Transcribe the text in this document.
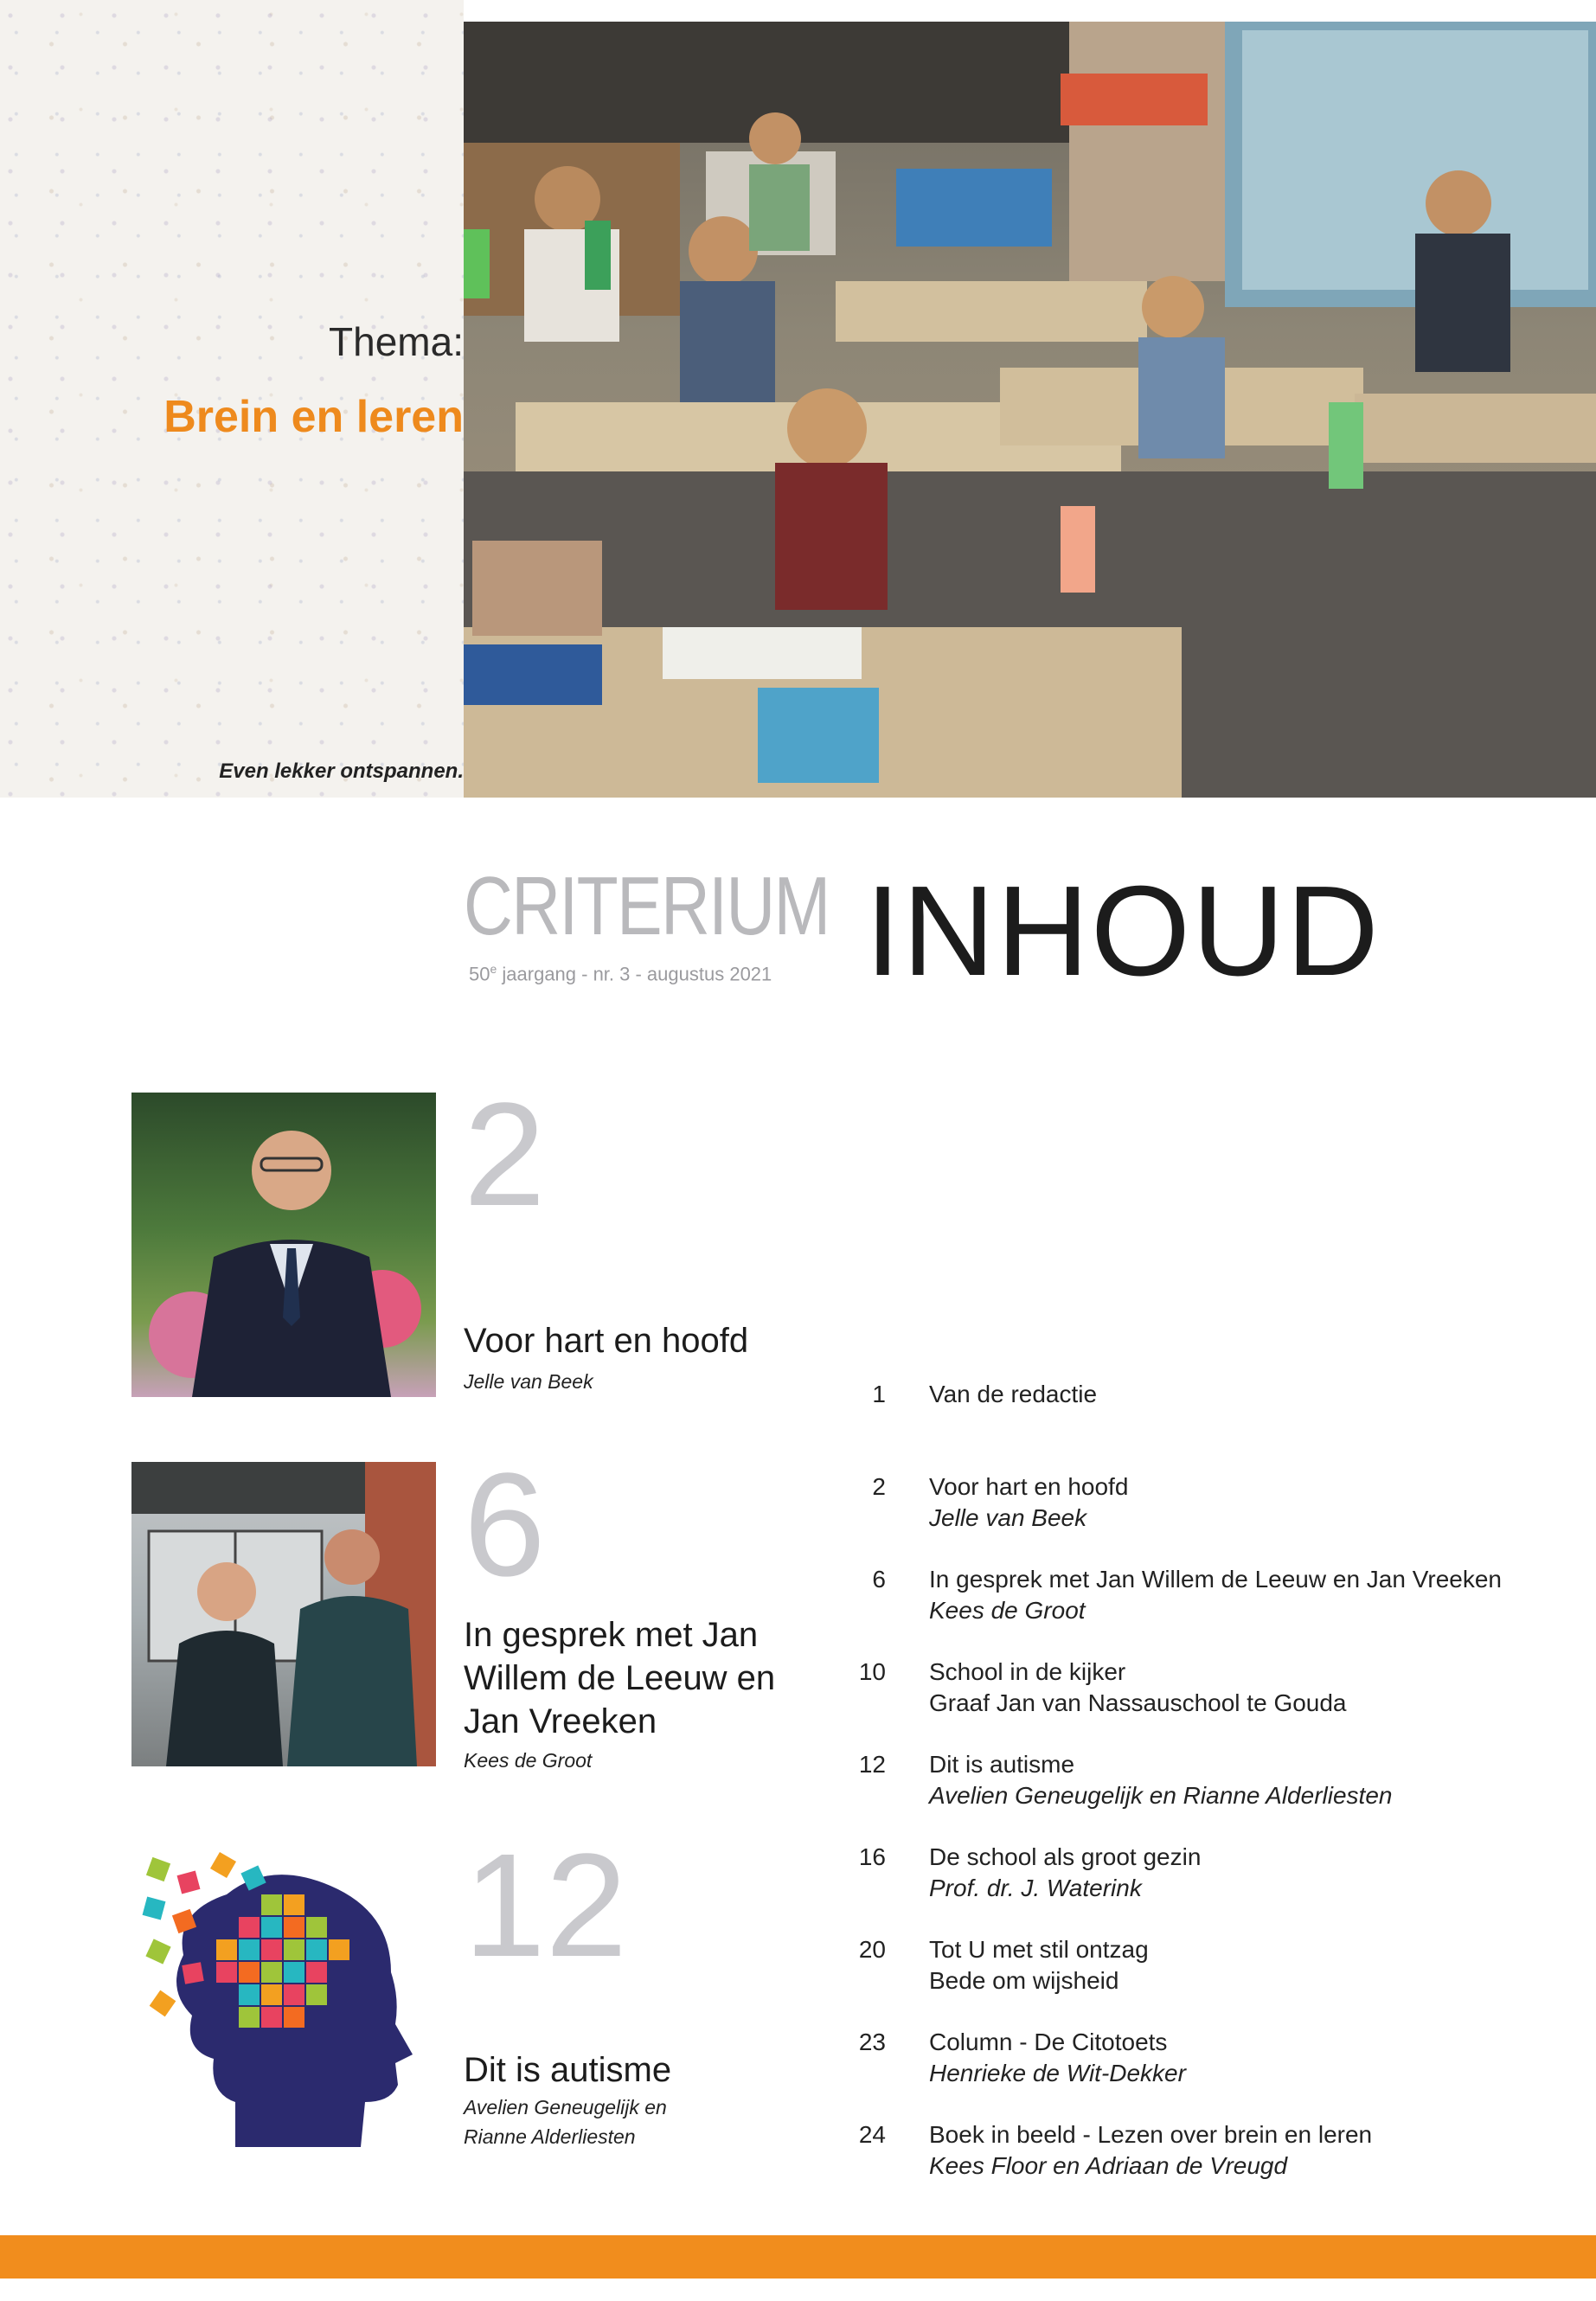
Thema:
Brein en leren
Even lekker ontspannen.
CRITERIUM
50e jaargang - nr. 3 - augustus 2021 INHOUD
2
Voor hart en hoofd
Jelle van Beek
6
In gesprek met Jan Willem de Leeuw en Jan Vreeken
Kees de Groot
12
Dit is autisme
Avelien Geneugelijk en Rianne Alderliesten
1 Van de redactie
2 Voor hart en hoofd
Jelle van Beek
6 In gesprek met Jan Willem de Leeuw en Jan Vreeken
Kees de Groot
10 School in de kijker
Graaf Jan van Nassauschool te Gouda
12 Dit is autisme
Avelien Geneugelijk en Rianne Alderliesten
16 De school als groot gezin
Prof. dr. J. Waterink
20 Tot U met stil ontzag
Bede om wijsheid
23 Column - De Citotoets
Henrieke de Wit-Dekker
24 Boek in beeld - Lezen over brein en leren
Kees Floor en Adriaan de Vreugd
